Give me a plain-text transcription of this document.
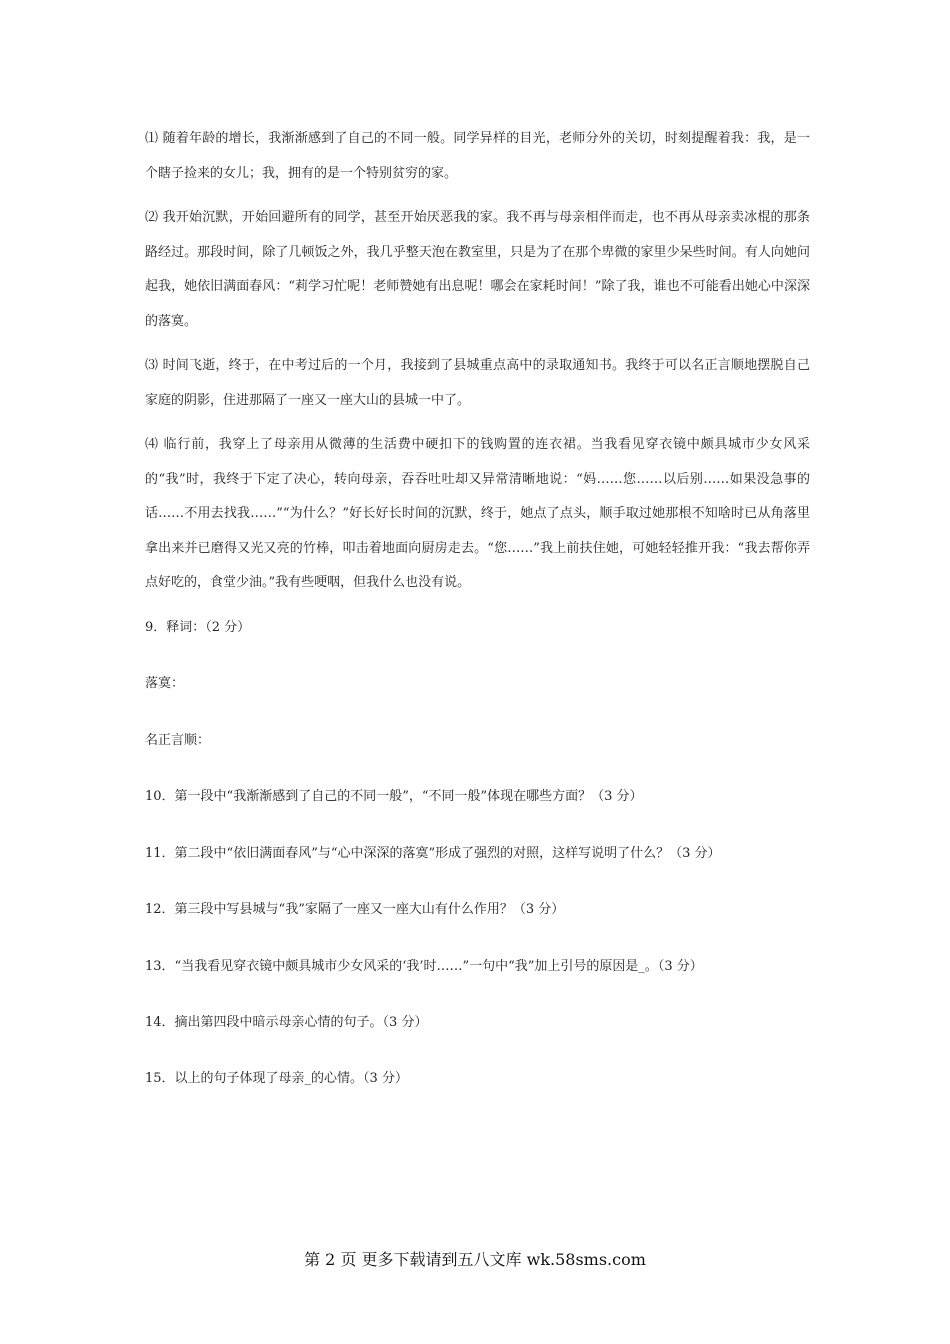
⑴ 随着年龄的增长，我渐渐感到了自己的不同一般。同学异样的目光，老师分外的关切，时刻提醒着我：我，是一个瞎子捡来的女儿；我，拥有的是一个特别贫穷的家。

⑵ 我开始沉默，开始回避所有的同学，甚至开始厌恶我的家。我不再与母亲相伴而走，也不再从母亲卖冰棍的那条路经过。那段时间，除了几顿饭之外，我几乎整天泡在教室里，只是为了在那个卑微的家里少呆些时间。有人向她问起我，她依旧满面春风：“莉学习忙呢！老师赞她有出息呢！哪会在家耗时间！”除了我，谁也不可能看出她心中深深的落寞。

⑶ 时间飞逝，终于，在中考过后的一个月，我接到了县城重点高中的录取通知书。我终于可以名正言顺地摆脱自己家庭的阴影，住进那隔了一座又一座大山的县城一中了。

⑷ 临行前，我穿上了母亲用从微薄的生活费中硬扣下的钱购置的连衣裙。当我看见穿衣镜中颇具城市少女风采的“我”时，我终于下定了决心，转向母亲，吞吞吐吐却又异常清晰地说：“妈……您……以后别……如果没急事的话……不用去找我……”“为什么？”好长好长时间的沉默，终于，她点了点头，顺手取过她那根不知啥时已从角落里拿出来并已磨得又光又亮的竹棒，叩击着地面向厨房走去。“您……”我上前扶住她，可她轻轻推开我：“我去帮你弄点好吃的，食堂少油。”我有些哽咽，但我什么也没有说。

9．释词：（2 分）

落寞：

名正言顺：

10．第一段中“我渐渐感到了自己的不同一般”，“不同一般”体现在哪些方面？（3 分）

11．第二段中“依旧满面春风”与“心中深深的落寞”形成了强烈的对照，这样写说明了什么？（3 分）

12．第三段中写县城与“我”家隔了一座又一座大山有什么作用？（3 分）

13．“当我看见穿衣镜中颇具城市少女风采的‘我’时……”一句中“我”加上引号的原因是_。（3 分）

14．摘出第四段中暗示母亲心情的句子。（3 分）

15．以上的句子体现了母亲_的心情。（3 分）

第 2 页 更多下载请到五八文库 wk.58sms.com
